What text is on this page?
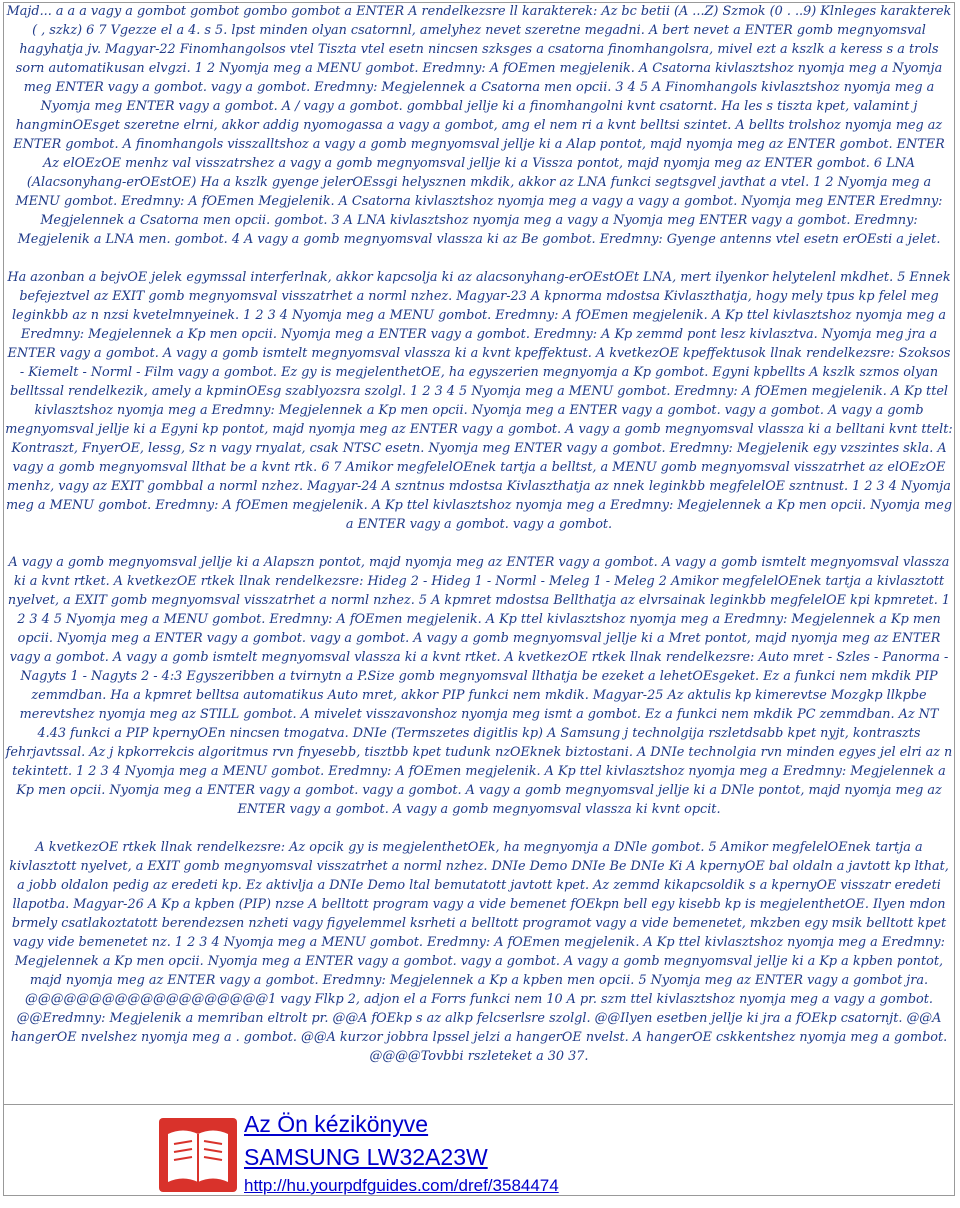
Majd... a a a vagy a gombot gombot gombo gombot a ENTER A rendelkezsre ll karakterek: Az bc betii (A ...Z) Szmok (0 . ..9) Klnleges karakterek ( , szkz) 6 7 Vgezze el a 4. s 5. lpst minden olyan csatornnl, amelyhez nevet szeretne megadni. A bert nevet a ENTER gomb megnyomsval hagyhatja jv. Magyar-22 Finomhangolsos vtel Tiszta vtel esetn nincsen szksges a csatorna finomhangolsra, mivel ezt a kszlk a keress s a trols sorn automatikusan elvgzi. 1 2 Nyomja meg a MENU gombot. Eredmny: A fOEmen megjelenik. A Csatorna kivlasztshoz nyomja meg a Nyomja meg ENTER vagy a gombot. vagy a gombot. Eredmny: Megjelennek a Csatorna men opcii. 3 4 5 A Finomhangols kivlasztshoz nyomja meg a Nyomja meg ENTER vagy a gombot. A / vagy a gombot. gombbal jellje ki a finomhangolni kvnt csatornt. Ha les s tiszta kpet, valamint j hangminOEsget szeretne elrni, akkor addig nyomogassa a vagy a gombot, amg el nem ri a kvnt belltsi szintet. A bellts trolshoz nyomja meg az ENTER gombot. A finomhangols visszalltshoz a vagy a gomb megnyomsval jellje ki a Alap pontot, majd nyomja meg az ENTER gombot. ENTER Az elOEzOE menhz val visszatrshez a vagy a gomb megnyomsval jellje ki a Vissza pontot, majd nyomja meg az ENTER gombot. 6 LNA (Alacsonyhang-erOEstOE) Ha a kszlk gyenge jelerOEssgi helysznen mkdik, akkor az LNA funkci segtsgvel javthat a vtel. 1 2 Nyomja meg a MENU gombot. Eredmny: A fOEmen Megjelenik. A Csatorna kivlasztshoz nyomja meg a vagy a vagy a gombot. Nyomja meg ENTER Eredmny: Megjelennek a Csatorna men opcii. gombot. 3 A LNA kivlasztshoz nyomja meg a vagy a Nyomja meg ENTER vagy a gombot. Eredmny: Megjelenik a LNA men. gombot. 4 A vagy a gomb megnyomsval vlassza ki az Be gombot. Eredmny: Gyenge antenns vtel esetn erOEsti a jelet.

Ha azonban a bejvOE jelek egymssal interferlnak, akkor kapcsolja ki az alacsonyhang-erOEstOEt LNA, mert ilyenkor helytelenl mkdhet. 5 Ennek befejeztvel az EXIT gomb megnyomsval visszatrhet a norml nzhez. Magyar-23 A kpnorma mdostsa Kivlaszthatja, hogy mely tpus kp felel meg leginkbb az n nzsi kvetelmnyeinek. 1 2 3 4 Nyomja meg a MENU gombot. Eredmny: A fOEmen megjelenik. A Kp ttel kivlasztshoz nyomja meg a Eredmny: Megjelennek a Kp men opcii. Nyomja meg a ENTER vagy a gombot. Eredmny: A Kp zemmd pont lesz kivlasztva. Nyomja meg jra a ENTER vagy a gombot. A vagy a gomb ismtelt megnyomsval vlassza ki a kvnt kpeffektust. A kvetkezOE kpeffektusok llnak rendelkezsre: Szoksos - Kiemelt - Norml - Film vagy a gombot. Ez gy is megjelenthetOE, ha egyszerien megnyomja a Kp gombot. Egyni kpbellts A kszlk szmos olyan belltssal rendelkezik, amely a kpminOEsg szablyozsra szolgl. 1 2 3 4 5 Nyomja meg a MENU gombot. Eredmny: A fOEmen megjelenik. A Kp ttel kivlasztshoz nyomja meg a Eredmny: Megjelennek a Kp men opcii. Nyomja meg a ENTER vagy a gombot. vagy a gombot. A vagy a gomb megnyomsval jellje ki a Egyni kp pontot, majd nyomja meg az ENTER vagy a gombot. A vagy a gomb megnyomsval vlassza ki a belltani kvnt ttelt: Kontraszt, FnyerOE, lessg, Sz n vagy rnyalat, csak NTSC esetn. Nyomja meg ENTER vagy a gombot. Eredmny: Megjelenik egy vzszintes skla. A vagy a gomb megnyomsval llthat be a kvnt rtk. 6 7 Amikor megfelelOEnek tartja a belltst, a MENU gomb megnyomsval visszatrhet az elOEzOE menhz, vagy az EXIT gombbal a norml nzhez. Magyar-24 A szntnus mdostsa Kivlaszthatja az nnek leginkbb megfelelOE szntnust. 1 2 3 4 Nyomja meg a MENU gombot. Eredmny: A fOEmen megjelenik. A Kp ttel kivlasztshoz nyomja meg a Eredmny: Megjelennek a Kp men opcii. Nyomja meg a ENTER vagy a gombot. vagy a gombot.

A vagy a gomb megnyomsval jellje ki a Alapszn pontot, majd nyomja meg az ENTER vagy a gombot. A vagy a gomb ismtelt megnyomsval vlassza ki a kvnt rtket. A kvetkezOE rtkek llnak rendelkezsre: Hideg 2 - Hideg 1 - Norml - Meleg 1 - Meleg 2 Amikor megfelelOEnek tartja a kivlasztott nyelvet, a EXIT gomb megnyomsval visszatrhet a norml nzhez. 5 A kpmret mdostsa Bellthatja az elvrsainak leginkbb megfelelOE kpi kpmretet. 1 2 3 4 5 Nyomja meg a MENU gombot. Eredmny: A fOEmen megjelenik. A Kp ttel kivlasztshoz nyomja meg a Eredmny: Megjelennek a Kp men opcii. Nyomja meg a ENTER vagy a gombot. vagy a gombot. A vagy a gomb megnyomsval jellje ki a Mret pontot, majd nyomja meg az ENTER vagy a gombot. A vagy a gomb ismtelt megnyomsval vlassza ki a kvnt rtket. A kvetkezOE rtkek llnak rendelkezsre: Auto mret - Szles - Panorma - Nagyts 1 - Nagyts 2 - 4:3 Egyszeribben a tvirnytn a P.Size gomb megnyomsval llthatja be ezeket a lehetOEsgeket. Ez a funkci nem mkdik PIP zemmdban. Ha a kpmret belltsa automatikus Auto mret, akkor PIP funkci nem mkdik. Magyar-25 Az aktulis kp kimerevtse Mozgkp llkpbe merevtshez nyomja meg az STILL gombot. A mivelet visszavonshoz nyomja meg ismt a gombot. Ez a funkci nem mkdik PC zemmdban. Az NT 4.43 funkci a PIP kpernyOEn nincsen tmogatva. DNIe (Termszetes digitlis kp) A Samsung j technolgija rszletdsabb kpet nyjt, kontraszts fehrjavtssal. Az j kpkorrekcis algoritmus rvn fnyesebb, tisztbb kpet tudunk nzOEknek biztostani. A DNIe technolgia rvn minden egyes jel elri az n tekintett. 1 2 3 4 Nyomja meg a MENU gombot. Eredmny: A fOEmen megjelenik. A Kp ttel kivlasztshoz nyomja meg a Eredmny: Megjelennek a Kp men opcii. Nyomja meg a ENTER vagy a gombot. vagy a gombot. A vagy a gomb megnyomsval jellje ki a DNle pontot, majd nyomja meg az ENTER vagy a gombot. A vagy a gomb megnyomsval vlassza ki kvnt opcit.

A kvetkezOE rtkek llnak rendelkezsre: Az opcik gy is megjelenthetOEk, ha megnyomja a DNle gombot. 5 Amikor megfelelOEnek tartja a kivlasztott nyelvet, a EXIT gomb megnyomsval visszatrhet a norml nzhez. DNIe Demo DNIe Be DNIe Ki A kpernyOE bal oldaln a javtott kp lthat, a jobb oldalon pedig az eredeti kp. Ez aktivlja a DNIe Demo ltal bemutatott javtott kpet. Az zemmd kikapcsoldik s a kpernyOE visszatr eredeti llapotba. Magyar-26 A Kp a kpben (PIP) nzse A belltott program vagy a vide bemenet fOEkpn bell egy kisebb kp is megjelenthetOE. Ilyen mdon brmely csatlakoztatott berendezsen nzheti vagy figyelemmel ksrheti a belltott programot vagy a vide bemenetet, mkzben egy msik belltott kpet vagy vide bemenetet nz. 1 2 3 4 Nyomja meg a MENU gombot. Eredmny: A fOEmen megjelenik. A Kp ttel kivlasztshoz nyomja meg a Eredmny: Megjelennek a Kp men opcii. Nyomja meg a ENTER vagy a gombot. vagy a gombot. A vagy a gomb megnyomsval jellje ki a Kp a kpben pontot, majd nyomja meg az ENTER vagy a gombot. Eredmny: Megjelennek a Kp a kpben men opcii. 5 Nyomja meg az ENTER vagy a gombot jra. @@@@@@@@@@@@@@@@@@@1 vagy Flkp 2, adjon el a Forrs funkci nem 10 A pr. szm ttel kivlasztshoz nyomja meg a vagy a gombot. @@Eredmny: Megjelenik a memriban eltrolt pr. @@A fOEkp s az alkp felcserlsre szolgl. @@Ilyen esetben jellje ki jra a fOEkp csatornjt. @@A hangerOE nvelshez nyomja meg a . gombot. @@A kurzor jobbra lpssel jelzi a hangerOE nvelst. A hangerOE cskkentshez nyomja meg a gombot. @@@@Tovbbi rszleteket a 30 37.

Az Ön kézikönyve
SAMSUNG LW32A23W
http://hu.yourpdfguides.com/dref/3584474
